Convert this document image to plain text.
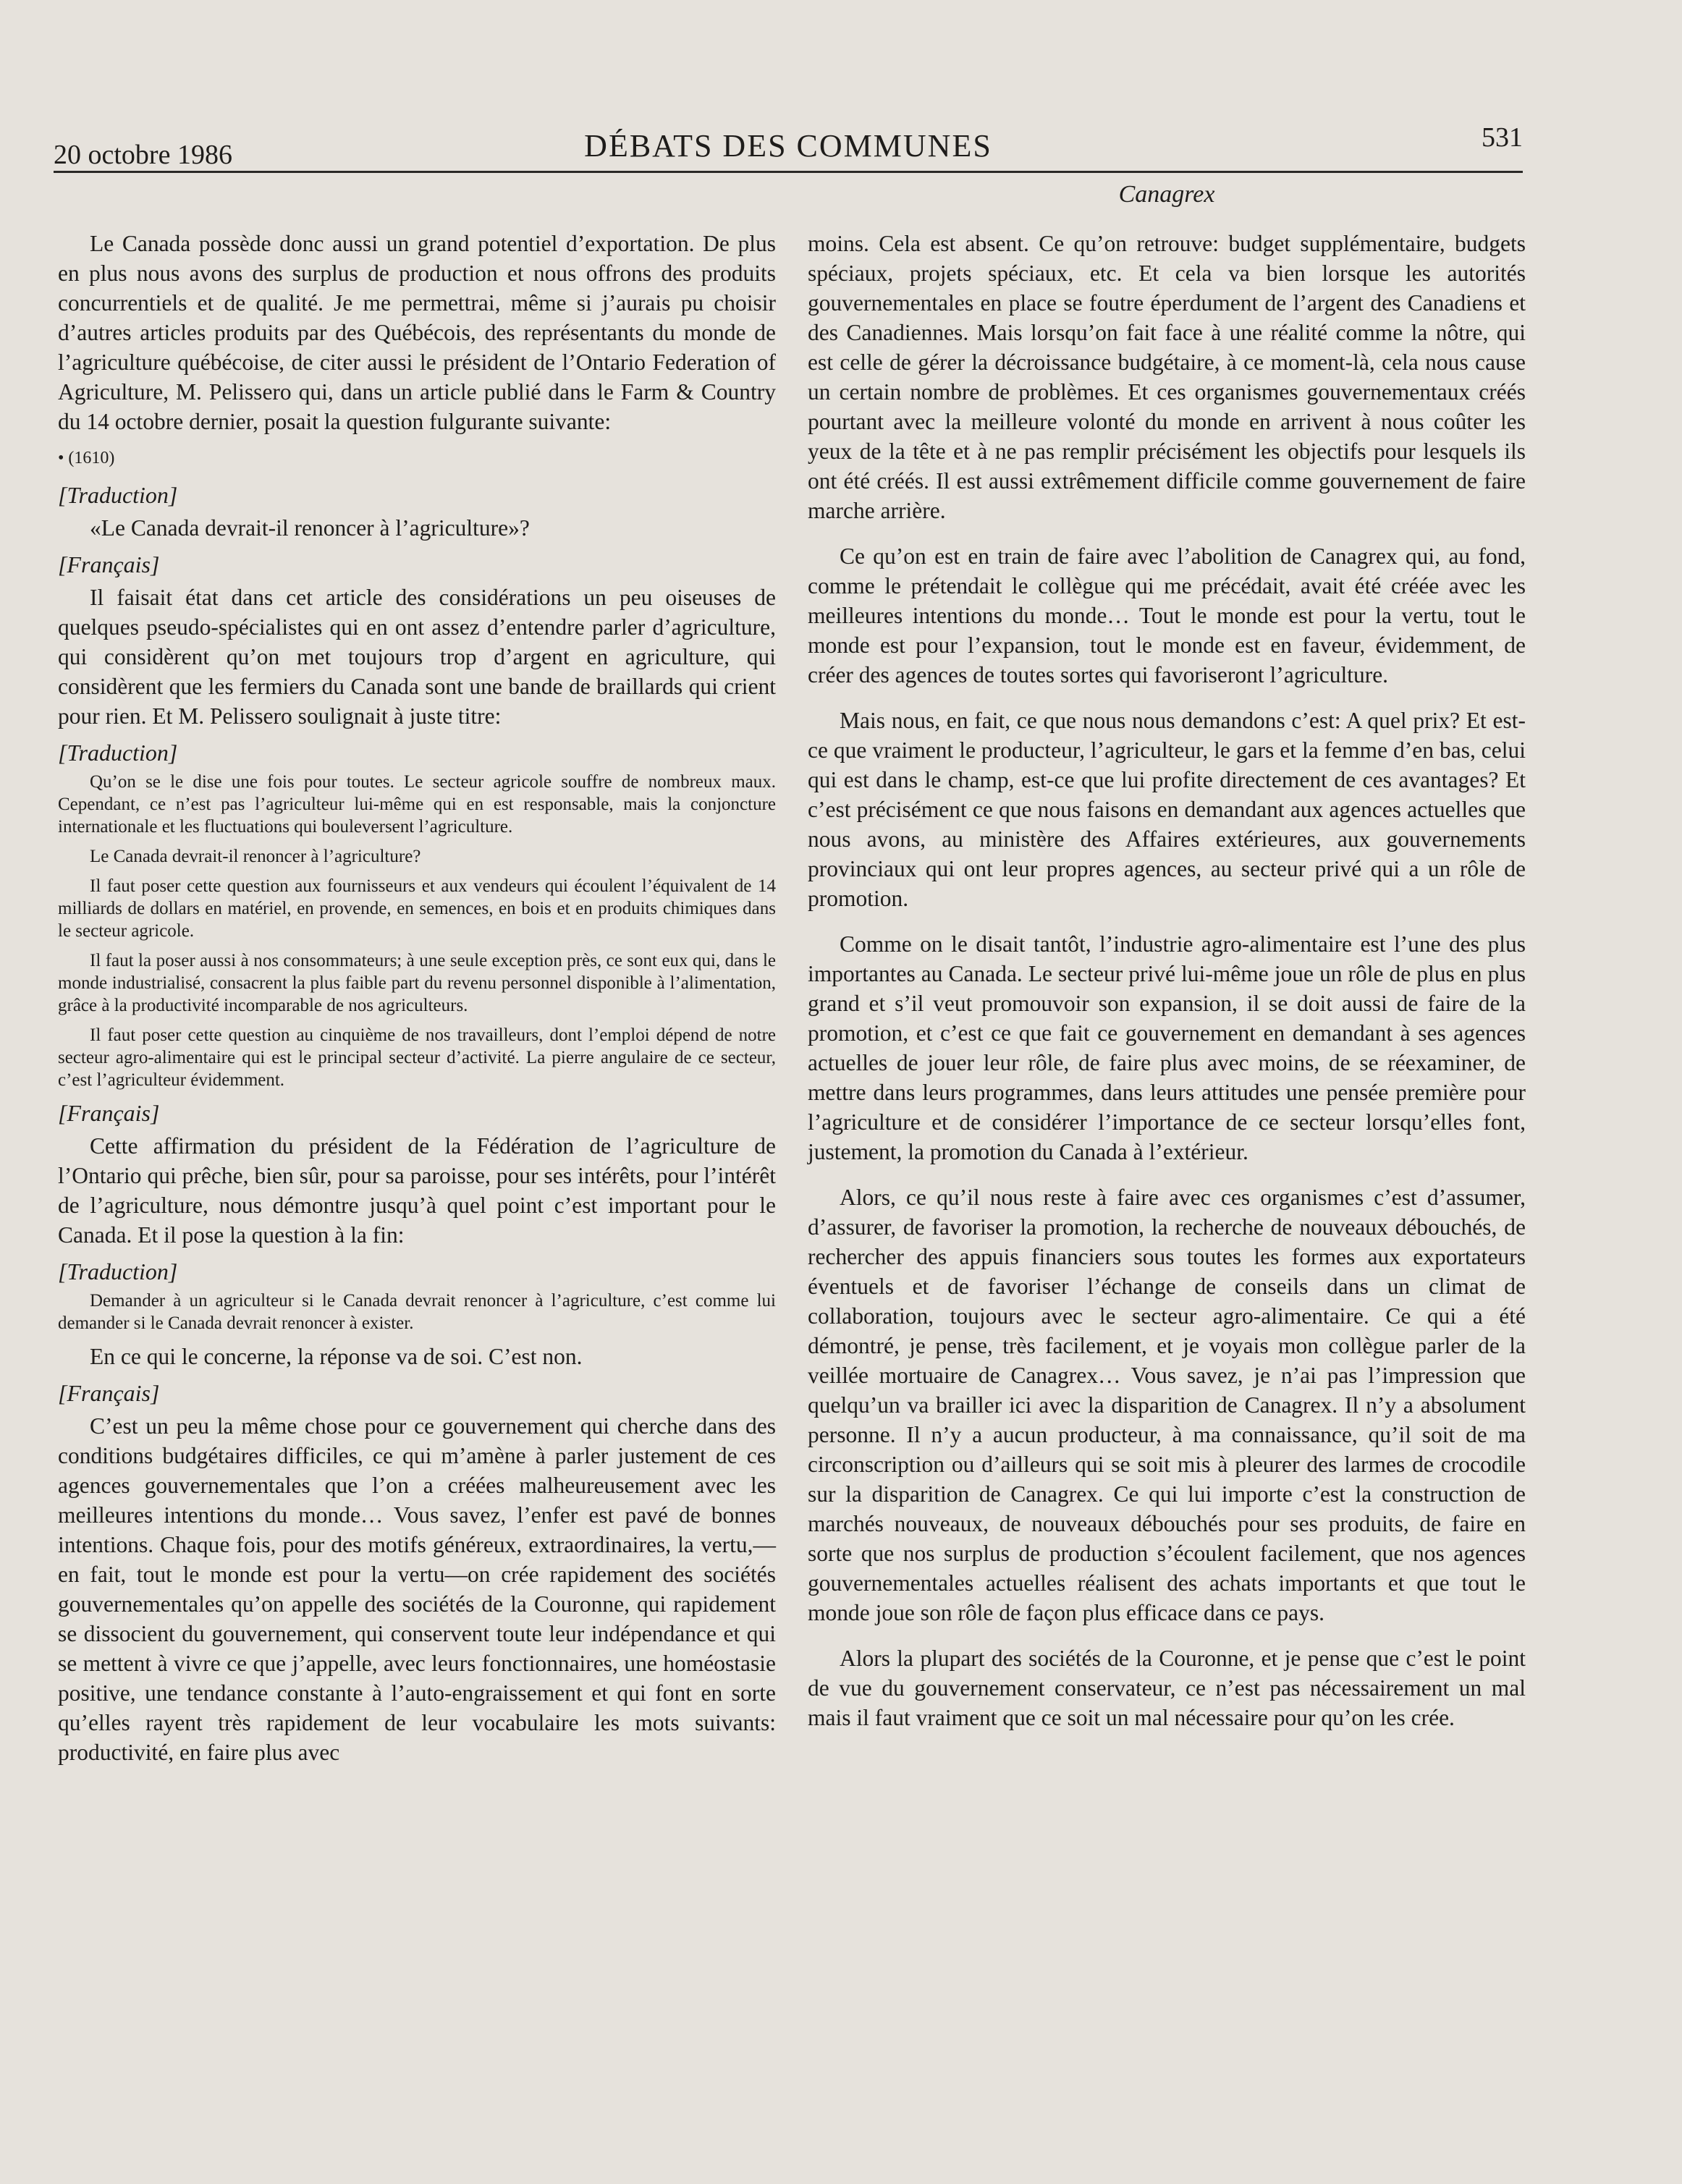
20 octobre 1986	DÉBATS DES COMMUNES	531
Canagrex

Le Canada possède donc aussi un grand potentiel d’exportation. De plus en plus nous avons des surplus de production et nous offrons des produits concurrentiels et de qualité. Je me permettrai, même si j’aurais pu choisir d’autres articles produits par des Québécois, des représentants du monde de l’agriculture québécoise, de citer aussi le président de l’Ontario Federation of Agriculture, M. Pelissero qui, dans un article publié dans le Farm & Country du 14 octobre dernier, posait la question fulgurante suivante:

• (1610)
[Traduction]

«Le Canada devrait-il renoncer à l’agriculture»?

[Français]

Il faisait état dans cet article des considérations un peu oiseuses de quelques pseudo-spécialistes qui en ont assez d’entendre parler d’agriculture, qui considèrent qu’on met toujours trop d’argent en agriculture, qui considèrent que les fermiers du Canada sont une bande de braillards qui crient pour rien. Et M. Pelissero soulignait à juste titre:

[Traduction]

Qu’on se le dise une fois pour toutes. Le secteur agricole souffre de nombreux maux. Cependant, ce n’est pas l’agriculteur lui-même qui en est responsable, mais la conjoncture internationale et les fluctuations qui bouleversent l’agriculture.

Le Canada devrait-il renoncer à l’agriculture?

Il faut poser cette question aux fournisseurs et aux vendeurs qui écoulent l’équivalent de 14 milliards de dollars en matériel, en provende, en semences, en bois et en produits chimiques dans le secteur agricole.

Il faut la poser aussi à nos consommateurs; à une seule exception près, ce sont eux qui, dans le monde industrialisé, consacrent la plus faible part du revenu personnel disponible à l’alimentation, grâce à la productivité incomparable de nos agriculteurs.

Il faut poser cette question au cinquième de nos travailleurs, dont l’emploi dépend de notre secteur agro-alimentaire qui est le principal secteur d’activité. La pierre angulaire de ce secteur, c’est l’agriculteur évidemment.

[Français]

Cette affirmation du président de la Fédération de l’agriculture de l’Ontario qui prêche, bien sûr, pour sa paroisse, pour ses intérêts, pour l’intérêt de l’agriculture, nous démontre jusqu’à quel point c’est important pour le Canada. Et il pose la question à la fin:

[Traduction]

Demander à un agriculteur si le Canada devrait renoncer à l’agriculture, c’est comme lui demander si le Canada devrait renoncer à exister.

En ce qui le concerne, la réponse va de soi. C’est non.

[Français]

C’est un peu la même chose pour ce gouvernement qui cherche dans des conditions budgétaires difficiles, ce qui m’amène à parler justement de ces agences gouvernementales que l’on a créées malheureusement avec les meilleures intentions du monde… Vous savez, l’enfer est pavé de bonnes intentions. Chaque fois, pour des motifs généreux, extraordinaires, la vertu,—en fait, tout le monde est pour la vertu—on crée rapidement des sociétés gouvernementales qu’on appelle des sociétés de la Couronne, qui rapidement se dissocient du gouvernement, qui conservent toute leur indépendance et qui se mettent à vivre ce que j’appelle, avec leurs fonctionnaires, une homéostasie positive, une tendance constante à l’auto-engraissement et qui font en sorte qu’elles rayent très rapidement de leur vocabulaire les mots suivants: productivité, en faire plus avec

moins. Cela est absent. Ce qu’on retrouve: budget supplémentaire, budgets spéciaux, projets spéciaux, etc. Et cela va bien lorsque les autorités gouvernementales en place se foutre éperdument de l’argent des Canadiens et des Canadiennes. Mais lorsqu’on fait face à une réalité comme la nôtre, qui est celle de gérer la décroissance budgétaire, à ce moment-là, cela nous cause un certain nombre de problèmes. Et ces organismes gouvernementaux créés pourtant avec la meilleure volonté du monde en arrivent à nous coûter les yeux de la tête et à ne pas remplir précisément les objectifs pour lesquels ils ont été créés. Il est aussi extrêmement difficile comme gouvernement de faire marche arrière.

Ce qu’on est en train de faire avec l’abolition de Canagrex qui, au fond, comme le prétendait le collègue qui me précédait, avait été créée avec les meilleures intentions du monde… Tout le monde est pour la vertu, tout le monde est pour l’expansion, tout le monde est en faveur, évidemment, de créer des agences de toutes sortes qui favoriseront l’agriculture.

Mais nous, en fait, ce que nous nous demandons c’est: A quel prix? Et est-ce que vraiment le producteur, l’agriculteur, le gars et la femme d’en bas, celui qui est dans le champ, est-ce que lui profite directement de ces avantages? Et c’est précisément ce que nous faisons en demandant aux agences actuelles que nous avons, au ministère des Affaires extérieures, aux gouvernements provinciaux qui ont leur propres agences, au secteur privé qui a un rôle de promotion.

Comme on le disait tantôt, l’industrie agro-alimentaire est l’une des plus importantes au Canada. Le secteur privé lui-même joue un rôle de plus en plus grand et s’il veut promouvoir son expansion, il se doit aussi de faire de la promotion, et c’est ce que fait ce gouvernement en demandant à ses agences actuelles de jouer leur rôle, de faire plus avec moins, de se réexaminer, de mettre dans leurs programmes, dans leurs attitudes une pensée première pour l’agriculture et de considérer l’importance de ce secteur lorsqu’elles font, justement, la promotion du Canada à l’extérieur.

Alors, ce qu’il nous reste à faire avec ces organismes c’est d’assumer, d’assurer, de favoriser la promotion, la recherche de nouveaux débouchés, de rechercher des appuis financiers sous toutes les formes aux exportateurs éventuels et de favoriser l’échange de conseils dans un climat de collaboration, toujours avec le secteur agro-alimentaire. Ce qui a été démontré, je pense, très facilement, et je voyais mon collègue parler de la veillée mortuaire de Canagrex… Vous savez, je n’ai pas l’impression que quelqu’un va brailler ici avec la disparition de Canagrex. Il n’y a absolument personne. Il n’y a aucun producteur, à ma connaissance, qu’il soit de ma circonscription ou d’ailleurs qui se soit mis à pleurer des larmes de crocodile sur la disparition de Canagrex. Ce qui lui importe c’est la construction de marchés nouveaux, de nouveaux débouchés pour ses produits, de faire en sorte que nos surplus de production s’écoulent facilement, que nos agences gouvernementales actuelles réalisent des achats importants et que tout le monde joue son rôle de façon plus efficace dans ce pays.

Alors la plupart des sociétés de la Couronne, et je pense que c’est le point de vue du gouvernement conservateur, ce n’est pas nécessairement un mal mais il faut vraiment que ce soit un mal nécessaire pour qu’on les crée.
